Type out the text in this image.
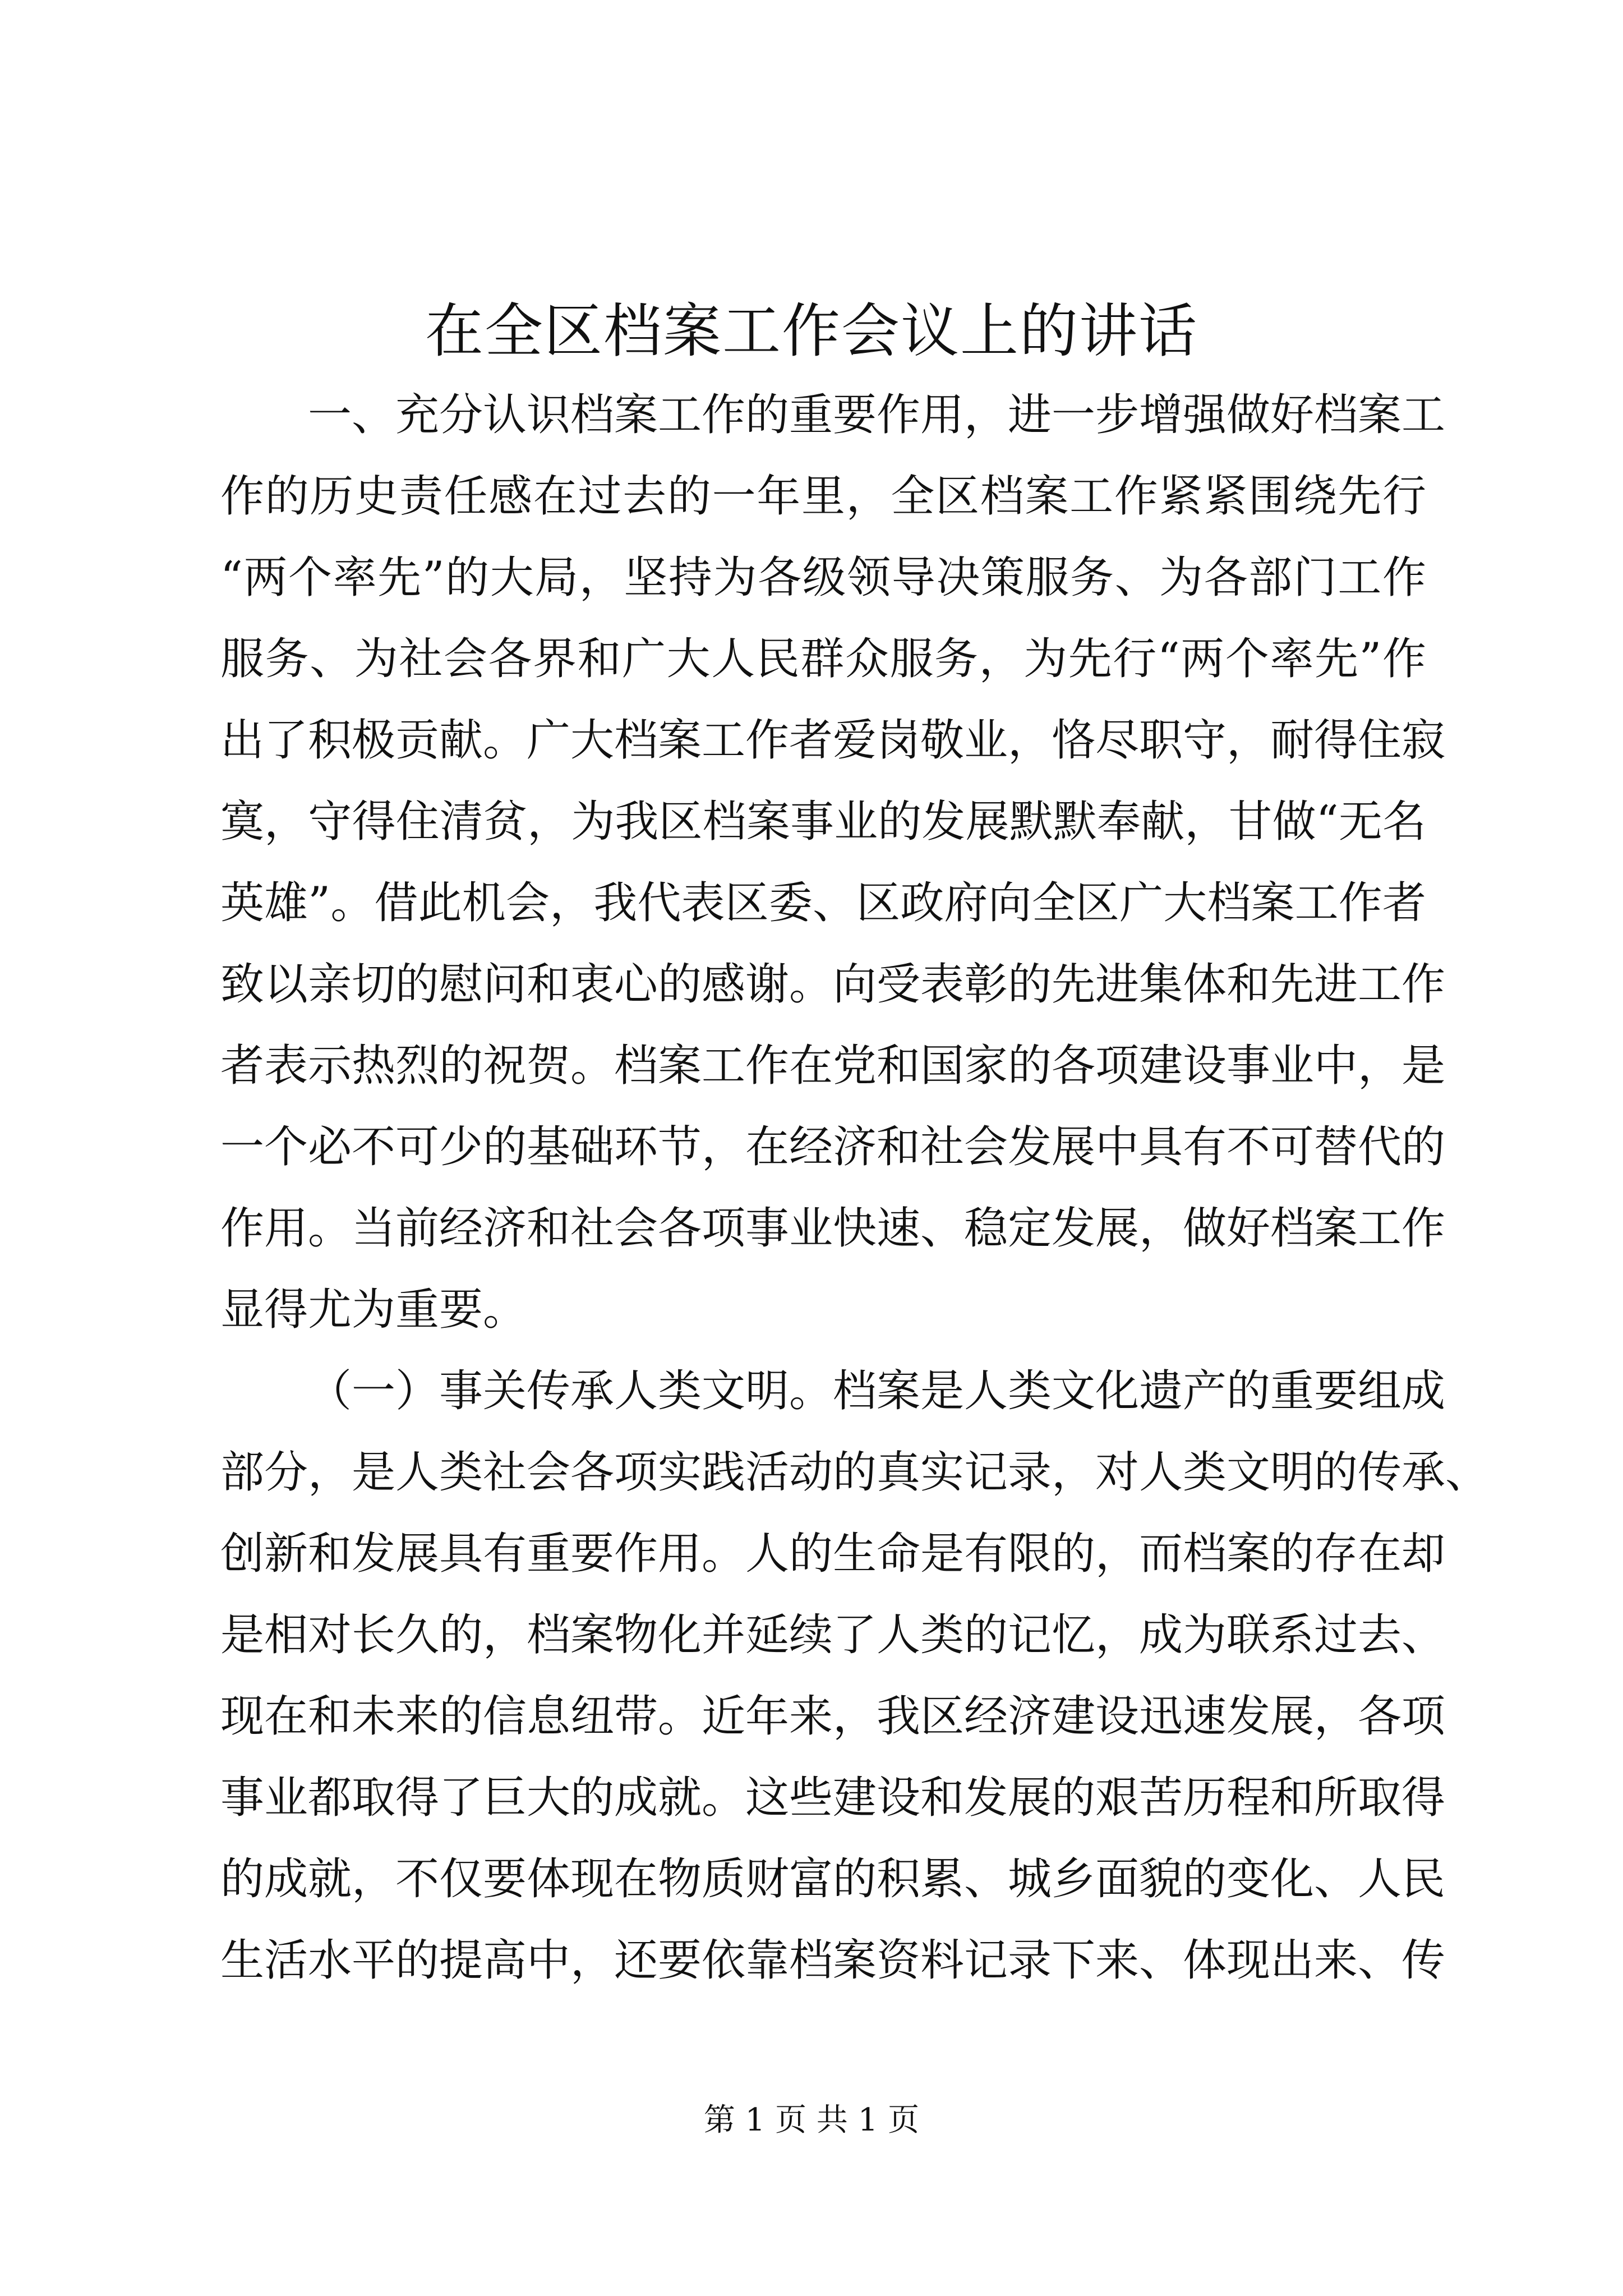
在全区档案工作会议上的讲话
一、充分认识档案工作的重要作用，进一步增强做好档案工
作的历史责任感在过去的一年里，全区档案工作紧紧围绕先行
“两个率先”的大局，坚持为各级领导决策服务、为各部门工作
服务、为社会各界和广大人民群众服务，为先行“两个率先”作
出了积极贡献。广大档案工作者爱岗敬业，恪尽职守，耐得住寂
寞，守得住清贫，为我区档案事业的发展默默奉献，甘做“无名
英雄”。借此机会，我代表区委、区政府向全区广大档案工作者
致以亲切的慰问和衷心的感谢。向受表彰的先进集体和先进工作
者表示热烈的祝贺。档案工作在党和国家的各项建设事业中，是
一个必不可少的基础环节，在经济和社会发展中具有不可替代的
作用。当前经济和社会各项事业快速、稳定发展，做好档案工作
显得尤为重要。
（一）事关传承人类文明。档案是人类文化遗产的重要组成
部分，是人类社会各项实践活动的真实记录，对人类文明的传承、
创新和发展具有重要作用。人的生命是有限的，而档案的存在却
是相对长久的，档案物化并延续了人类的记忆，成为联系过去、
现在和未来的信息纽带。近年来，我区经济建设迅速发展，各项
事业都取得了巨大的成就。这些建设和发展的艰苦历程和所取得
的成就，不仅要体现在物质财富的积累、城乡面貌的变化、人民
生活水平的提高中，还要依靠档案资料记录下来、体现出来、传
第 1 页 共 1 页
